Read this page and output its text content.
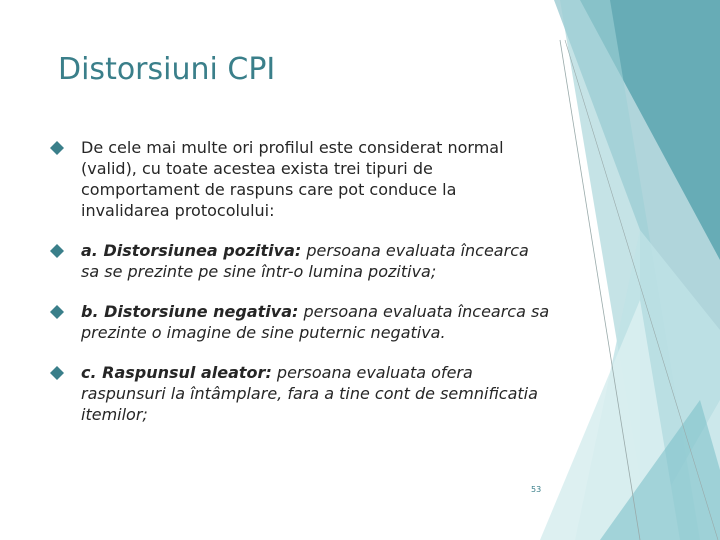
Distorsiuni CPI
De cele mai multe ori profilul este considerat normal (valid), cu toate acestea exista trei tipuri de comportament de raspuns care pot conduce la invalidarea protocolului:
a. Distorsiunea pozitiva: persoana evaluata încearca sa se prezinte pe sine într-o lumina pozitiva;
b. Distorsiune negativa: persoana evaluata încearca sa prezinte o imagine de sine puternic negativa.
c. Raspunsul aleator: persoana evaluata ofera raspunsuri la întâmplare, fara a tine cont de semnificatia itemilor;
53
